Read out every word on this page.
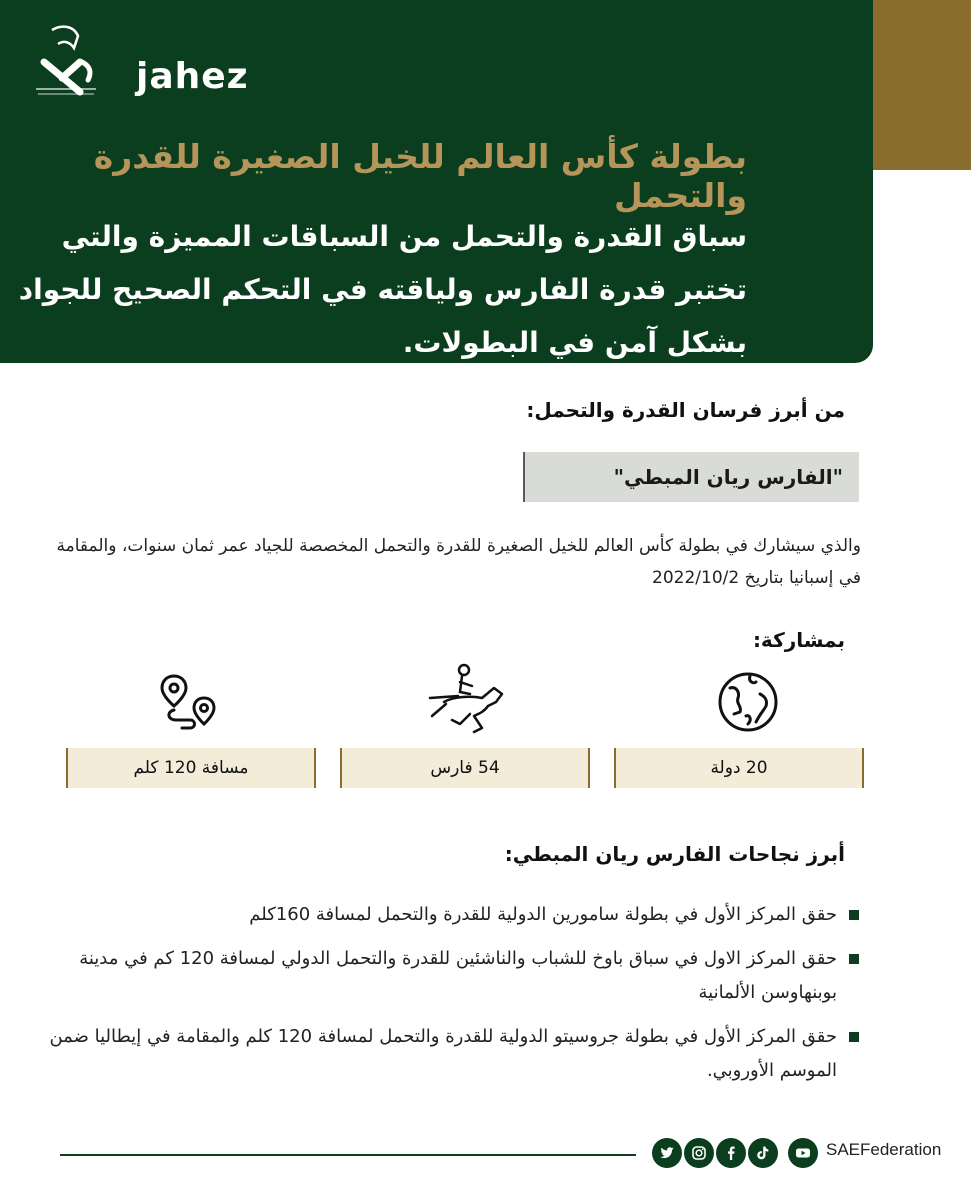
jahez
بطولة كأس العالم للخيل الصغيرة للقدرة والتحمل
سباق القدرة والتحمل من السباقات المميزة والتي تختبر قدرة الفارس ولياقته في التحكم الصحيح للجواد بشكل آمن في البطولات.
من أبرز فرسان القدرة والتحمل:
"الفارس ريان المبطي"
والذي سيشارك في بطولة كأس العالم للخيل الصغيرة للقدرة والتحمل المخصصة للجياد عمر ثمان سنوات، والمقامة في إسبانيا بتاريخ 2022/10/2
بمشاركة:
20 دولة
54 فارس
مسافة 120 كلم
أبرز نجاحات الفارس ريان المبطي:
حقق المركز الأول في بطولة سامورين الدولية للقدرة والتحمل لمسافة 160كلم
حقق المركز الاول في سباق باوخ للشباب والناشئين للقدرة والتحمل الدولي لمسافة 120 كم في مدينة بوبنهاوسن الألمانية
حقق المركز الأول في بطولة جروسيتو الدولية للقدرة والتحمل لمسافة 120 كلم والمقامة في إيطاليا ضمن الموسم الأوروبي.
SAEFederation
